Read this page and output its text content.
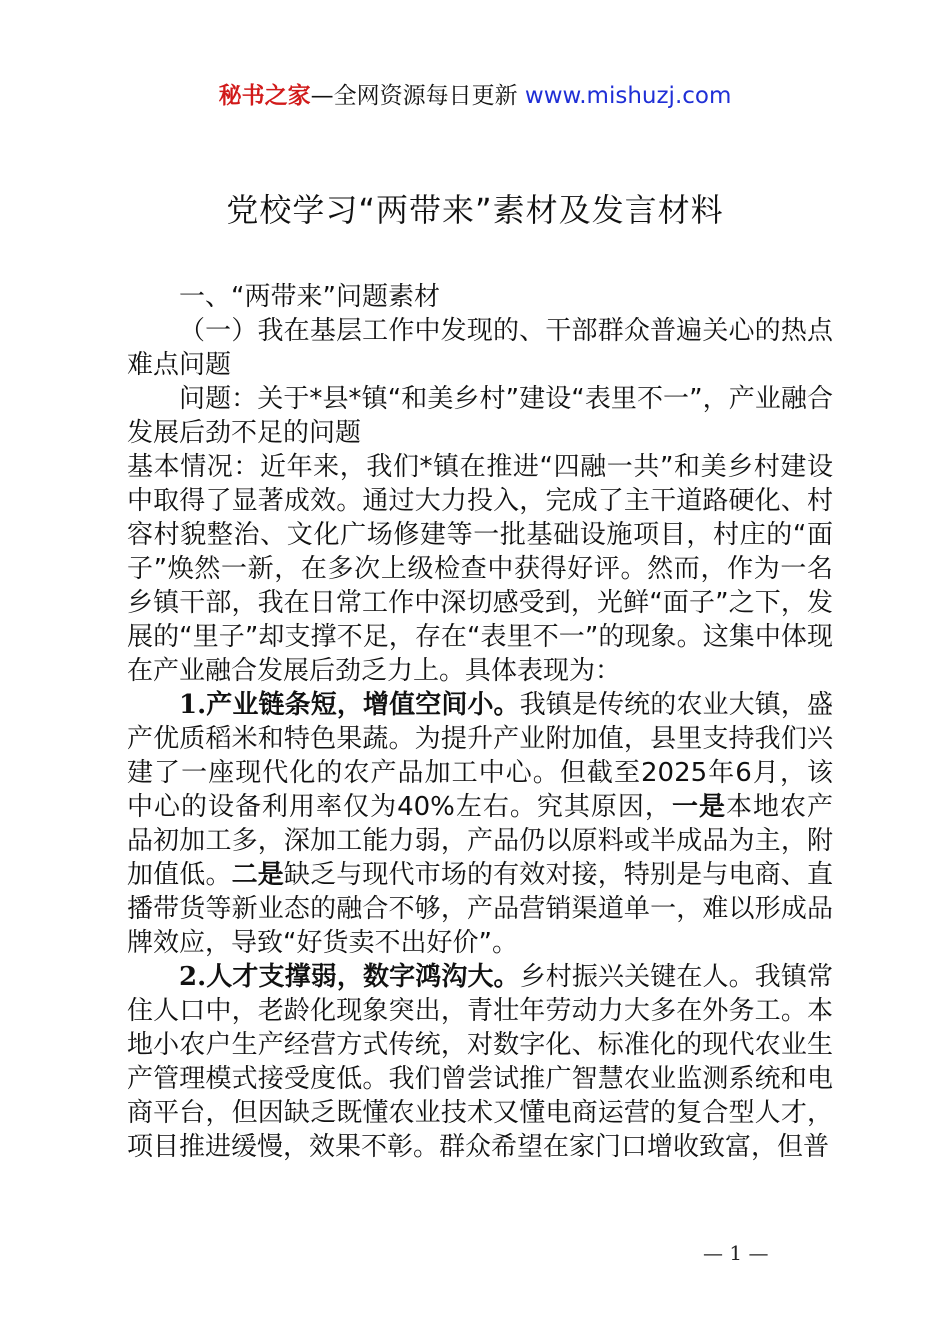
秘书之家—全网资源每日更新 www.mishuzj.com
党校学习“两带来”素材及发言材料

一、“两带来”问题素材

（一）我在基层工作中发现的、干部群众普遍关心的热点难点问题

问题：关于*县*镇“和美乡村”建设“表里不一”，产业融合发展后劲不足的问题

基本情况：近年来，我们*镇在推进“四融一共”和美乡村建设中取得了显著成效。通过大力投入，完成了主干道路硬化、村容村貌整治、文化广场修建等一批基础设施项目，村庄的“面子”焕然一新，在多次上级检查中获得好评。然而，作为一名乡镇干部，我在日常工作中深切感受到，光鲜“面子”之下，发展的“里子”却支撑不足，存在“表里不一”的现象。这集中体现在产业融合发展后劲乏力上。具体表现为：

1.产业链条短，增值空间小。我镇是传统的农业大镇，盛产优质稻米和特色果蔬。为提升产业附加值，县里支持我们兴建了一座现代化的农产品加工中心。但截至2025年6月，该中心的设备利用率仅为40%左右。究其原因，一是本地农产品初加工多，深加工能力弱，产品仍以原料或半成品为主，附加值低。二是缺乏与现代市场的有效对接，特别是与电商、直播带货等新业态的融合不够，产品营销渠道单一，难以形成品牌效应，导致“好货卖不出好价”。

2.人才支撑弱，数字鸿沟大。乡村振兴关键在人。我镇常住人口中，老龄化现象突出，青壮年劳动力大多在外务工。本地小农户生产经营方式传统，对数字化、标准化的现代农业生产管理模式接受度低。我们曾尝试推广智慧农业监测系统和电商平台，但因缺乏既懂农业技术又懂电商运营的复合型人才，项目推进缓慢，效果不彰。群众希望在家门口增收致富，但普

— 1 —
